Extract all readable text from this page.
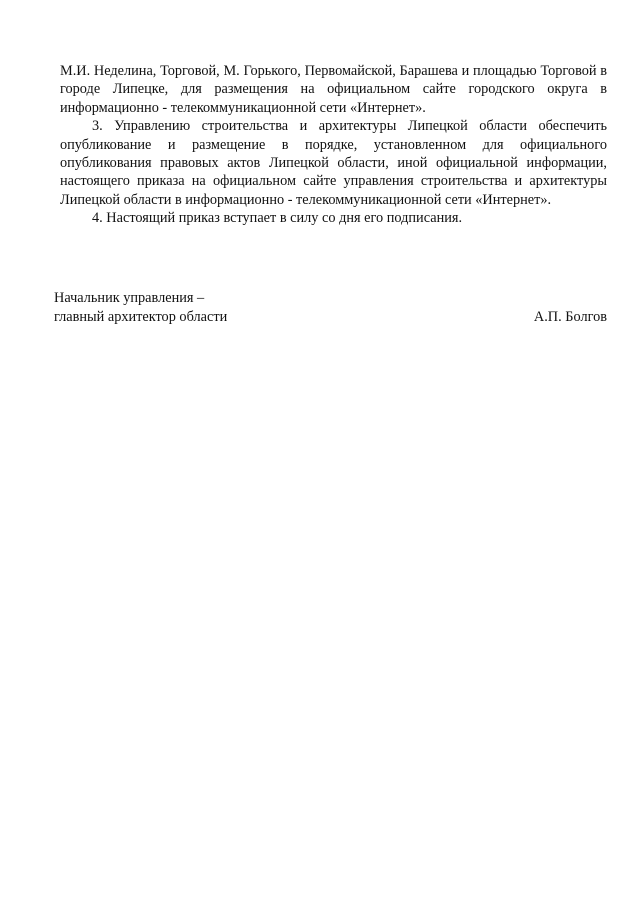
М.И. Неделина, Торговой, М. Горького, Первомайской, Барашева и площадью Торговой в городе Липецке, для размещения на официальном сайте городского округа в информационно - телекоммуникационной сети «Интернет».

3. Управлению строительства и архитектуры Липецкой области обеспечить опубликование и размещение в порядке, установленном для официального опубликования правовых актов Липецкой области, иной официальной информации, настоящего приказа на официальном сайте управления строительства и архитектуры Липецкой области в информационно - телекоммуникационной сети «Интернет».

4. Настоящий приказ вступает в силу со дня его подписания.

Начальник управления –
главный архитектор области	А.П. Болгов
